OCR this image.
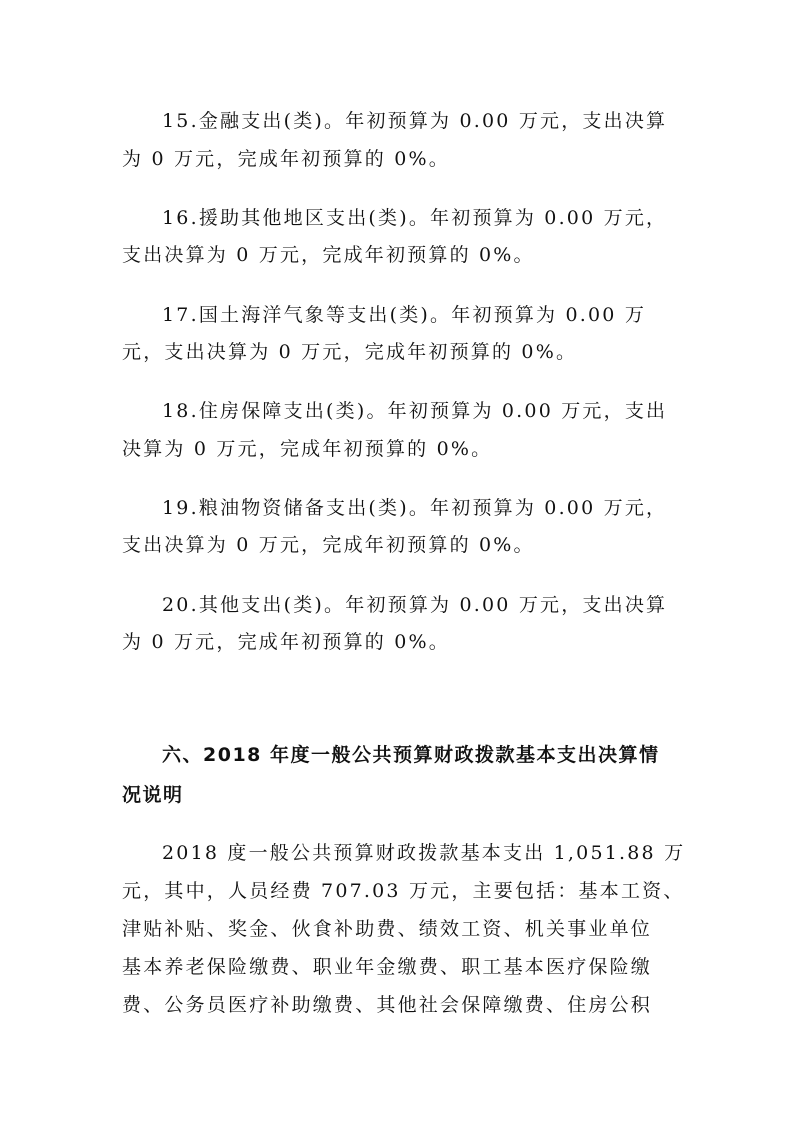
15.金融支出(类)。年初预算为 0.00 万元，支出决算
为 0 万元，完成年初预算的 0%。
16.援助其他地区支出(类)。年初预算为 0.00 万元，
支出决算为 0 万元，完成年初预算的 0%。
17.国土海洋气象等支出(类)。年初预算为 0.00 万
元，支出决算为 0 万元，完成年初预算的 0%。
18.住房保障支出(类)。年初预算为 0.00 万元，支出
决算为 0 万元，完成年初预算的 0%。
19.粮油物资储备支出(类)。年初预算为 0.00 万元，
支出决算为 0 万元，完成年初预算的 0%。
20.其他支出(类)。年初预算为 0.00 万元，支出决算
为 0 万元，完成年初预算的 0%。
六、2018 年度一般公共预算财政拨款基本支出决算情
况说明
2018 度一般公共预算财政拨款基本支出 1,051.88 万
元，其中，人员经费 707.03 万元，主要包括：基本工资、
津贴补贴、奖金、伙食补助费、绩效工资、机关事业单位
基本养老保险缴费、职业年金缴费、职工基本医疗保险缴
费、公务员医疗补助缴费、其他社会保障缴费、住房公积
